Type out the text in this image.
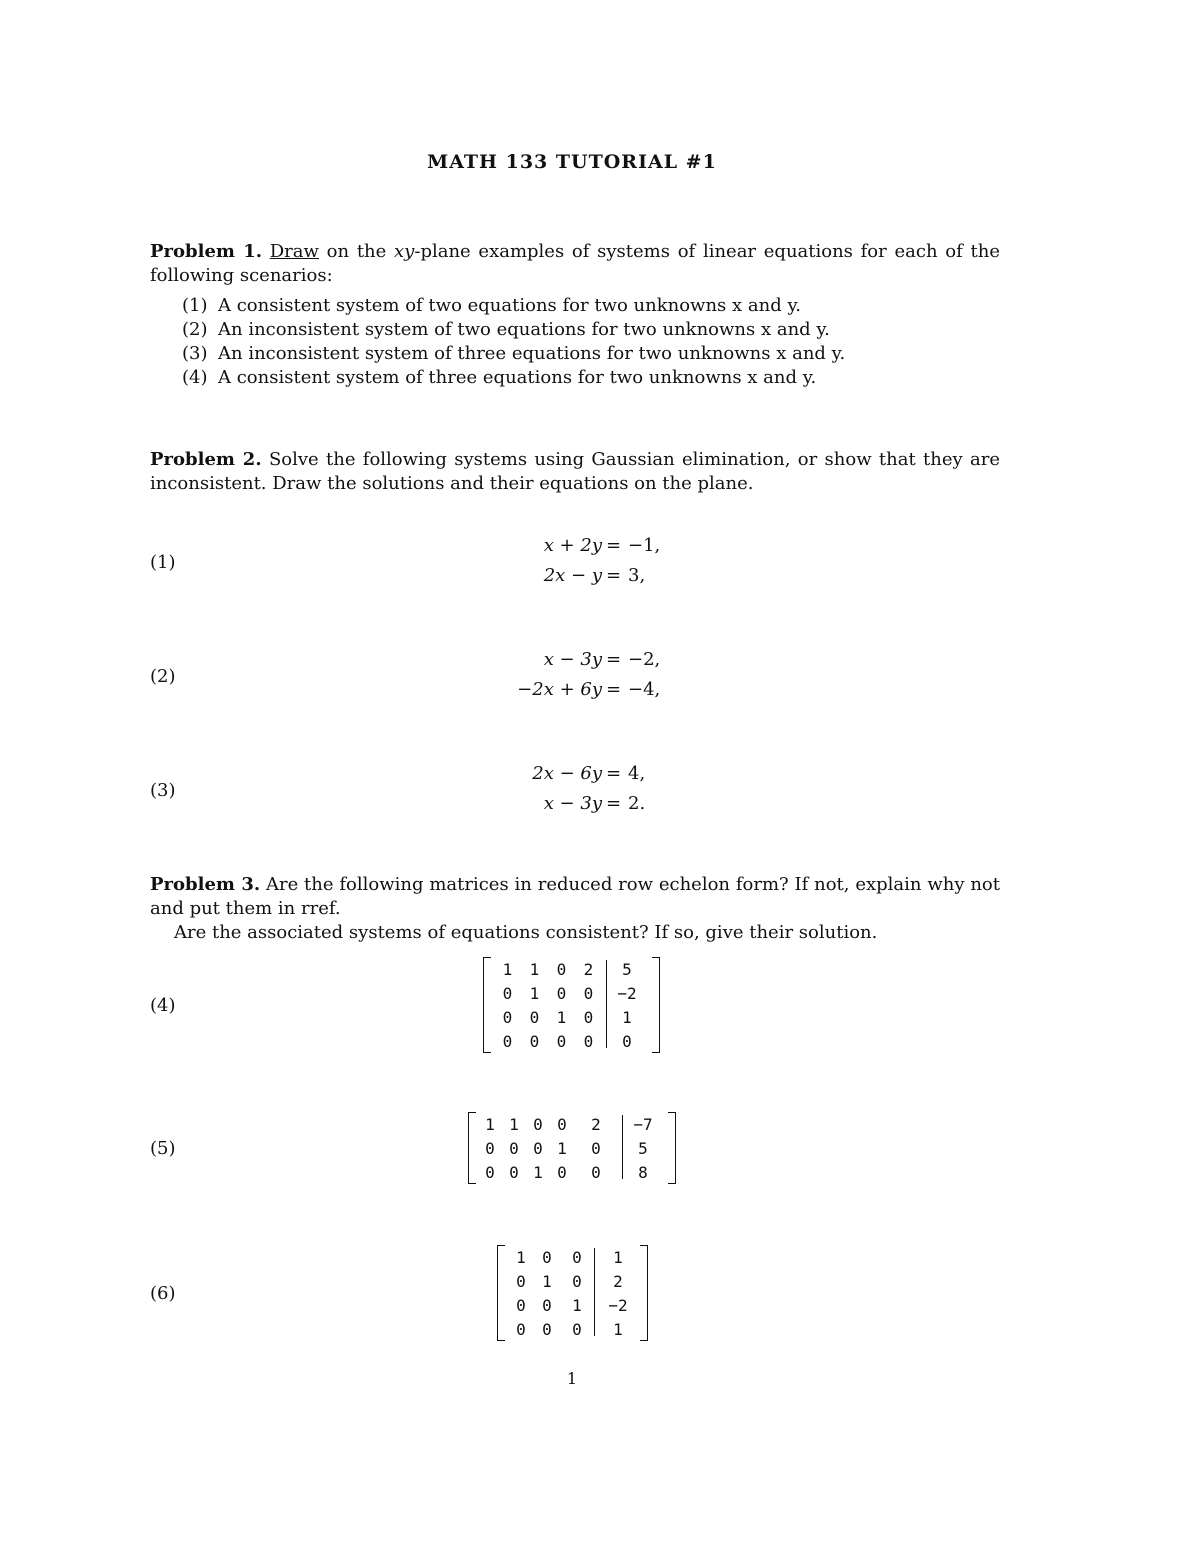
MATH 133 TUTORIAL #1
Problem 1. Draw on the xy-plane examples of systems of linear equations for each of the following scenarios:
(1) A consistent system of two equations for two unknowns x and y.
(2) An inconsistent system of two equations for two unknowns x and y.
(3) An inconsistent system of three equations for two unknowns x and y.
(4) A consistent system of three equations for two unknowns x and y.
Problem 2. Solve the following systems using Gaussian elimination, or show that they are inconsistent. Draw the solutions and their equations on the plane.
(1)
x + 2y = −1,
2x − y = 3,
(2)
x − 3y = −2,
−2x + 6y = −4,
(3)
2x − 6y = 4,
x − 3y = 2.
Problem 3. Are the following matrices in reduced row echelon form? If not, explain why not and put them in rref.
Are the associated systems of equations consistent? If so, give their solution.
(4)
1	1	0	2	5
0	1	0	0	−2
0	0	1	0	1
0	0	0	0	0
(5)
1	1	0	0	2	−7
0	0	0	1	0	5
0	0	1	0	0	8
(6)
1	0	0	1
0	1	0	2
0	0	1	−2
0	0	0	1
1
